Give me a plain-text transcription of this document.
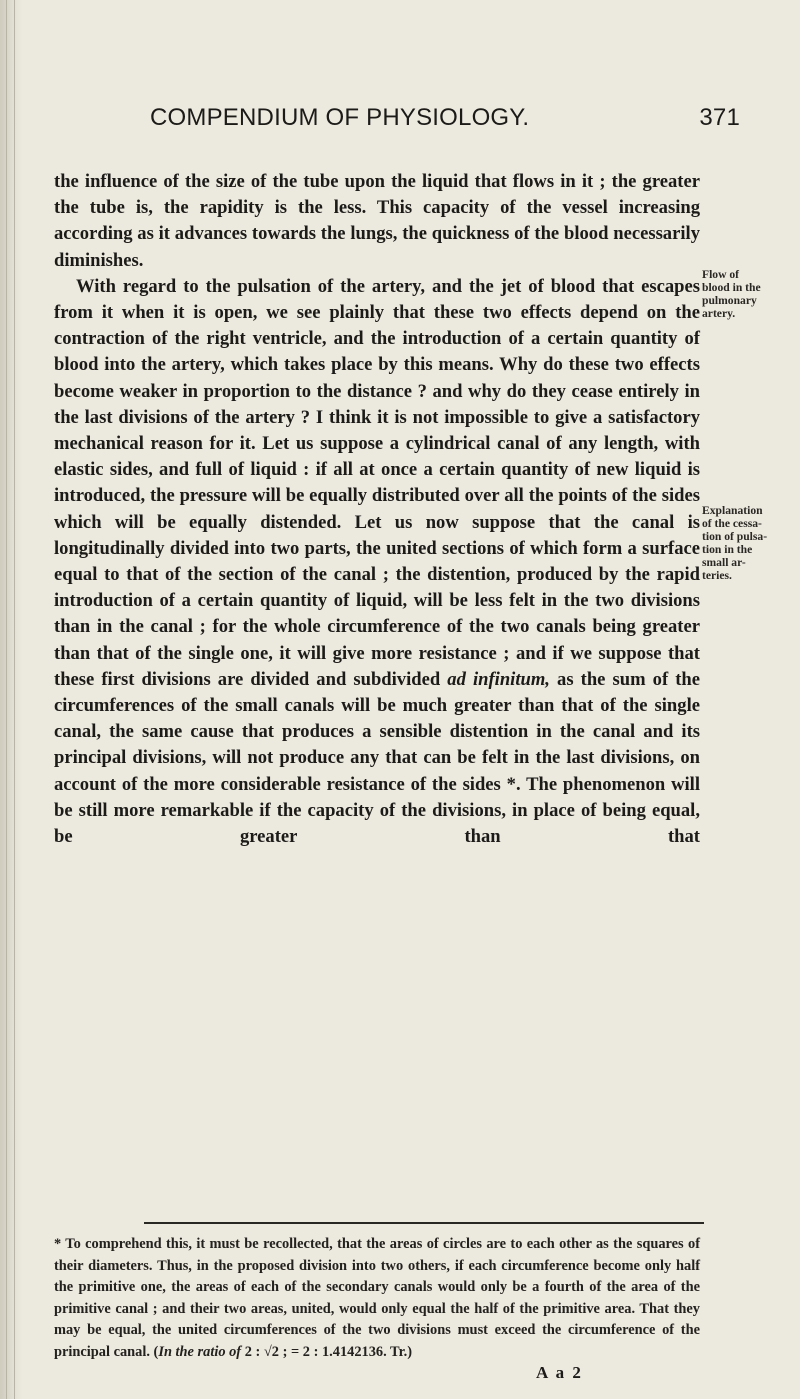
COMPENDIUM OF PHYSIOLOGY.	371

the influence of the size of the tube upon the liquid that flows in it ; the greater the tube is, the rapidity is the less. This capacity of the vessel increasing according as it advances towards the lungs, the quickness of the blood necessarily diminishes.

With regard to the pulsation of the artery, and the jet of blood that escapes from it when it is open, we see plainly that these two effects depend on the contraction of the right ventricle, and the introduction of a certain quantity of blood into the artery, which takes place by this means. Why do these two effects become weaker in proportion to the distance ? and why do they cease entirely in the last divisions of the artery ? I think it is not impossible to give a satisfactory mechanical reason for it. Let us suppose a cylindrical canal of any length, with elastic sides, and full of liquid : if all at once a certain quantity of new liquid is introduced, the pressure will be equally distributed over all the points of the sides which will be equally distended. Let us now suppose that the canal is longitudinally divided into two parts, the united sections of which form a surface equal to that of the section of the canal ; the distention, produced by the rapid introduction of a certain quantity of liquid, will be less felt in the two divisions than in the canal ; for the whole circumference of the two canals being greater than that of the single one, it will give more resistance ; and if we suppose that these first divisions are divided and subdivided ad infinitum, as the sum of the circumferences of the small canals will be much greater than that of the single canal, the same cause that produces a sensible distention in the canal and its principal divisions, will not produce any that can be felt in the last divisions, on account of the more considerable resistance of the sides *. The phenomenon will be still more remarkable if the capacity of the divisions, in place of being equal, be greater than that

Flow of
blood in the
pulmonary
artery.
Explanation
of the cessa-
tion of pulsa-
tion in the
small ar-
teries.
* To comprehend this, it must be recollected, that the areas of circles are to each other as the squares of their diameters. Thus, in the proposed division into two others, if each circumference become only half the primitive one, the areas of each of the secondary canals would only be a fourth of the area of the primitive canal ; and their two areas, united, would only equal the half of the primitive area. That they may be equal, the united circumferences of the two divisions must exceed the circumference of the principal canal. (In the ratio of 2 : √2 ; = 2 : 1.4142136. Tr.)
A a 2
